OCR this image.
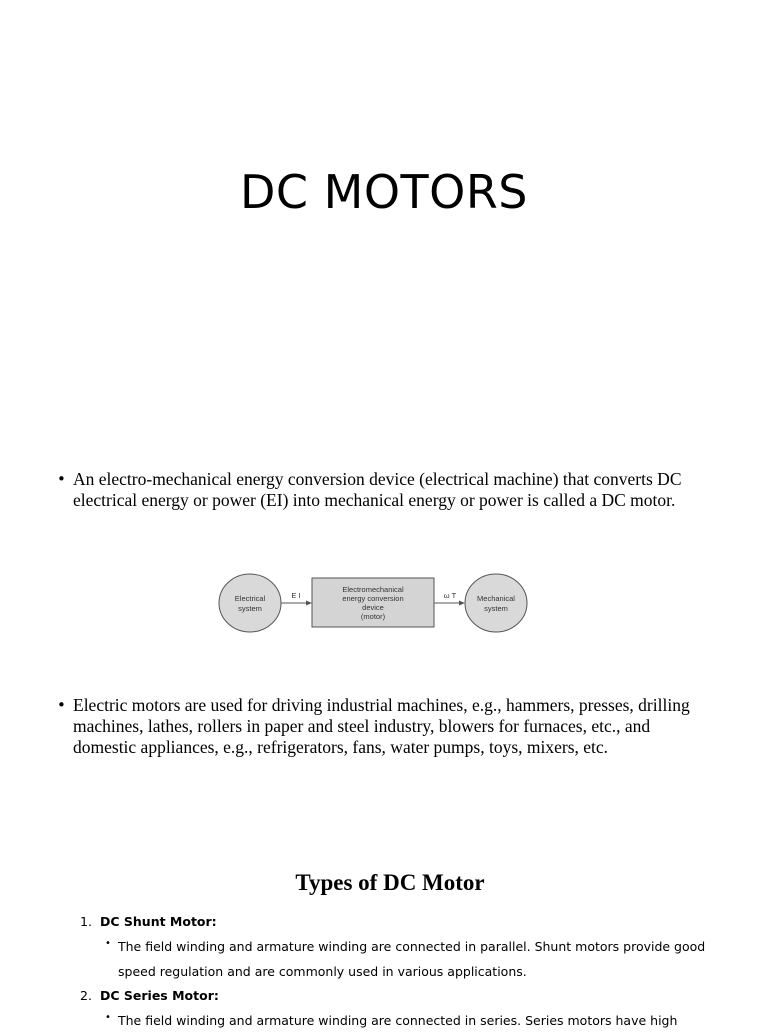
DC MOTORS
• An electro-mechanical energy conversion device (electrical machine) that converts DC electrical energy or power (EI) into mechanical energy or power is called a DC motor.
Electrical
system
E I
Electromechanical
energy conversion
device
(motor)
ω T	Mechanical
system
• Electric motors are used for driving industrial machines, e.g., hammers, presses, drilling machines, lathes, rollers in paper and steel industry, blowers for furnaces, etc., and domestic appliances, e.g., refrigerators, fans, water pumps, toys, mixers, etc.
Types of DC Motor
1. DC Shunt Motor:
• The field winding and armature winding are connected in parallel. Shunt motors provide good speed regulation and are commonly used in various applications.
2. DC Series Motor:
• The field winding and armature winding are connected in series. Series motors have high
